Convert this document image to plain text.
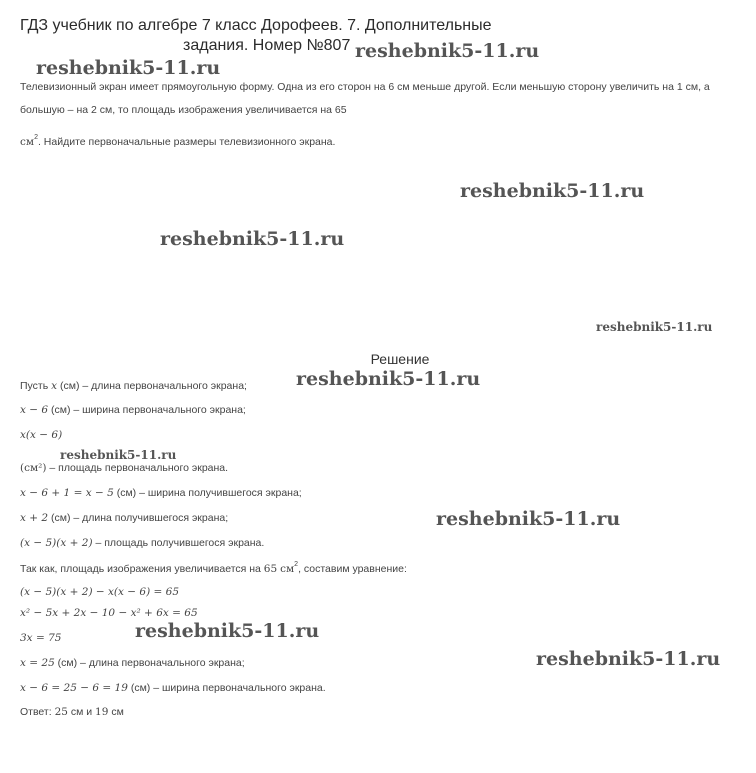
ГДЗ учебник по алгебре 7 класс Дорофеев. 7. Дополнительные
задания. Номер №807
Телевизионный экран имеет прямоугольную форму. Одна из его сторон на 6 см меньше другой. Если меньшую сторону увеличить на 1 см, а
большую – на 2 см, то площадь изображения увеличивается на 65
$см^2$. Найдите первоначальные размеры телевизионного экрана.
Решение
Пусть x (см) – длина первоначального экрана;
x − 6 (см) – ширина первоначального экрана;
x(x − 6)
(см²) – площадь первоначального экрана.
x − 6 + 1 = x − 5 (см) – ширина получившегося экрана;
x + 2 (см) – длина получившегося экрана;
(x − 5)(x + 2) – площадь получившегося экрана.
Так как, площадь изображения увеличивается на 65 $см^2$, составим уравнение:
(x − 5)(x + 2) − x(x − 6) = 65
x² − 5x + 2x − 10 − x² + 6x = 65
3x = 75
x = 25 (см) – длина первоначального экрана;
x − 6 = 25 − 6 = 19 (см) – ширина первоначального экрана.
Ответ: 25 см и 19 см
reshebnik5-11.ru
reshebnik5-11.ru
reshebnik5-11.ru
reshebnik5-11.ru
reshebnik5-11.ru
reshebnik5-11.ru
reshebnik5-11.ru
reshebnik5-11.ru
reshebnik5-11.ru
reshebnik5-11.ru
